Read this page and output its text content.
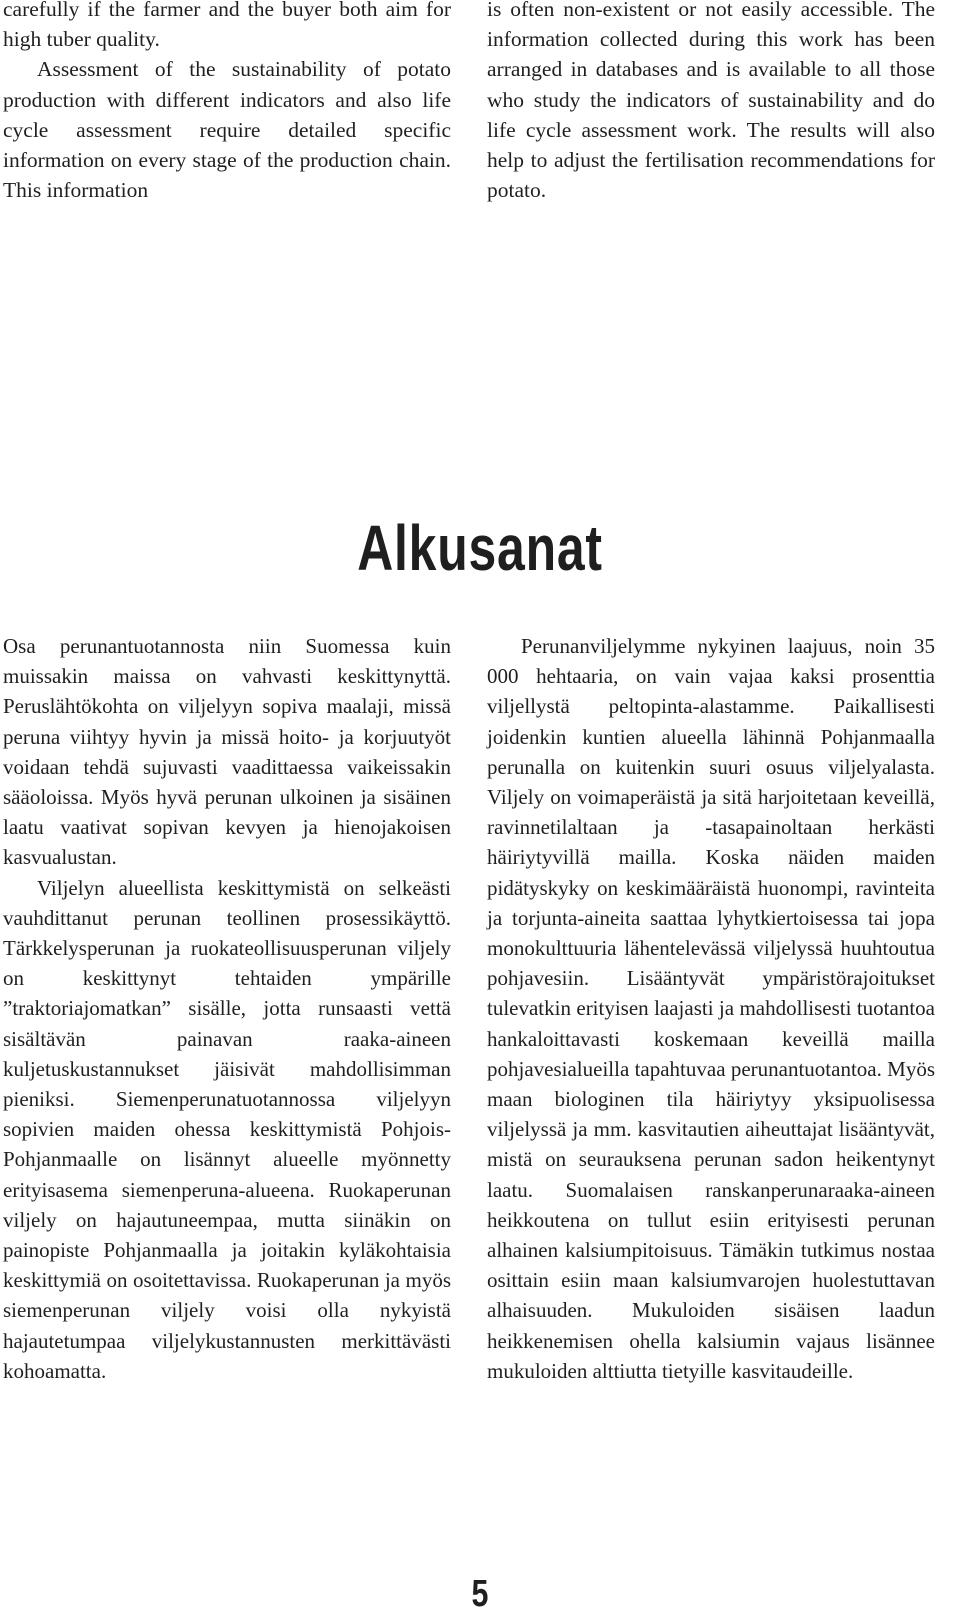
carefully if the farmer and the buyer both aim for high tuber quality.

Assessment of the sustainability of potato production with different indicators and also life cycle assessment require detailed specific information on every stage of the production chain. This information

is often non-existent or not easily accessible. The information collected during this work has been arranged in databases and is available to all those who study the indicators of sustainability and do life cycle assessment work. The results will also help to adjust the fertilisation recommendations for potato.

Alkusanat

Osa perunantuotannosta niin Suomessa kuin muissakin maissa on vahvasti keskittynyttä. Peruslähtökohta on viljelyyn sopiva maalaji, missä peruna viihtyy hyvin ja missä hoito- ja korjuutyöt voidaan tehdä sujuvasti vaadittaessa vaikeissakin sääoloissa. Myös hyvä perunan ulkoinen ja sisäinen laatu vaativat sopivan kevyen ja hienojakoisen kasvualustan.

Viljelyn alueellista keskittymistä on selkeästi vauhdittanut perunan teollinen prosessikäyttö. Tärkkelysperunan ja ruokateollisuusperunan viljely on keskittynyt tehtaiden ympärille ”traktoriajomatkan” sisälle, jotta runsaasti vettä sisältävän painavan raaka-aineen kuljetuskustannukset jäisivät mahdollisimman pieniksi. Siemenperunatuotannossa viljelyyn sopivien maiden ohessa keskittymistä Pohjois-Pohjanmaalle on lisännyt alueelle myönnetty erityisasema siemenperuna-alueena. Ruokaperunan viljely on hajautuneempaa, mutta siinäkin on painopiste Pohjanmaalla ja joitakin kyläkohtaisia keskittymiä on osoitettavissa. Ruokaperunan ja myös siemenperunan viljely voisi olla nykyistä hajautetumpaa viljelykustannusten merkittävästi kohoamatta.

Perunanviljelymme nykyinen laajuus, noin 35 000 hehtaaria, on vain vajaa kaksi prosenttia viljellystä peltopinta-alastamme. Paikallisesti joidenkin kuntien alueella lähinnä Pohjanmaalla perunalla on kuitenkin suuri osuus viljelyalasta. Viljely on voimaperäistä ja sitä harjoitetaan keveillä, ravinnetilaltaan ja -tasapainoltaan herkästi häiriytyvillä mailla. Koska näiden maiden pidätyskyky on keskimääräistä huonompi, ravinteita ja torjunta-aineita saattaa lyhytkiertoisessa tai jopa monokulttuuria lähentelevässä viljelyssä huuhtoutua pohjavesiin. Lisääntyvät ympäristörajoitukset tulevatkin erityisen laajasti ja mahdollisesti tuotantoa hankaloittavasti koskemaan keveillä mailla pohjavesialueilla tapahtuvaa perunantuotantoa. Myös maan biologinen tila häiriytyy yksipuolisessa viljelyssä ja mm. kasvitautien aiheuttajat lisääntyvät, mistä on seurauksena perunan sadon heikentynyt laatu. Suomalaisen ranskanperunaraaka-aineen heikkoutena on tullut esiin erityisesti perunan alhainen kalsiumpitoisuus. Tämäkin tutkimus nostaa osittain esiin maan kalsiumvarojen huolestuttavan alhaisuuden. Mukuloiden sisäisen laadun heikkenemisen ohella kalsiumin vajaus lisännee mukuloiden alttiutta tietyille kasvitaudeille.

5
